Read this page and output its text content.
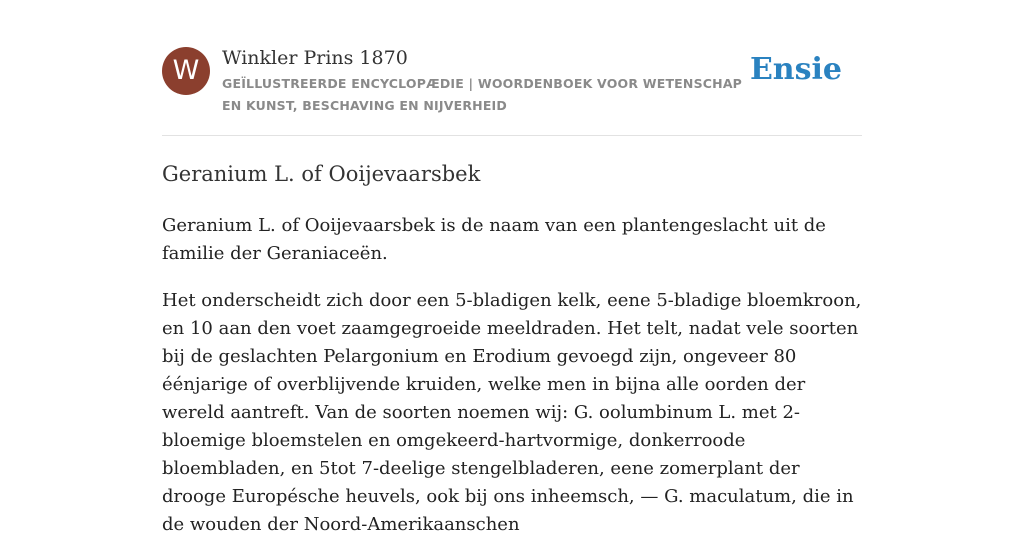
W	Winkler Prins 1870
GEÏLLUSTREERDE ENCYCLOPÆDIE | WOORDENBOEK VOOR WETENSCHAP EN KUNST, BESCHAVING EN NIJVERHEID
Ensie
Geranium L. of Ooijevaarsbek

Geranium L. of Ooijevaarsbek is de naam van een plantengeslacht uit de familie der Geraniaceën.

Het onderscheidt zich door een 5-bladigen kelk, eene 5-bladige bloemkroon, en 10 aan den voet zaamgegroeide meeldraden. Het telt, nadat vele soorten bij de geslachten Pelargonium en Erodium gevoegd zijn, ongeveer 80 éénjarige of overblijvende kruiden, welke men in bijna alle oorden der wereld aantreft. Van de soorten noemen wij: G. oolumbinum L. met 2-bloemige bloemstelen en omgekeerd-hartvormige, donkerroode bloembladen, en 5tot 7-deelige stengelbladeren, eene zomerplant der drooge Europésche heuvels, ook bij ons inheemsch, — G. maculatum, die in de wouden der Noord-Amerikaanschen
